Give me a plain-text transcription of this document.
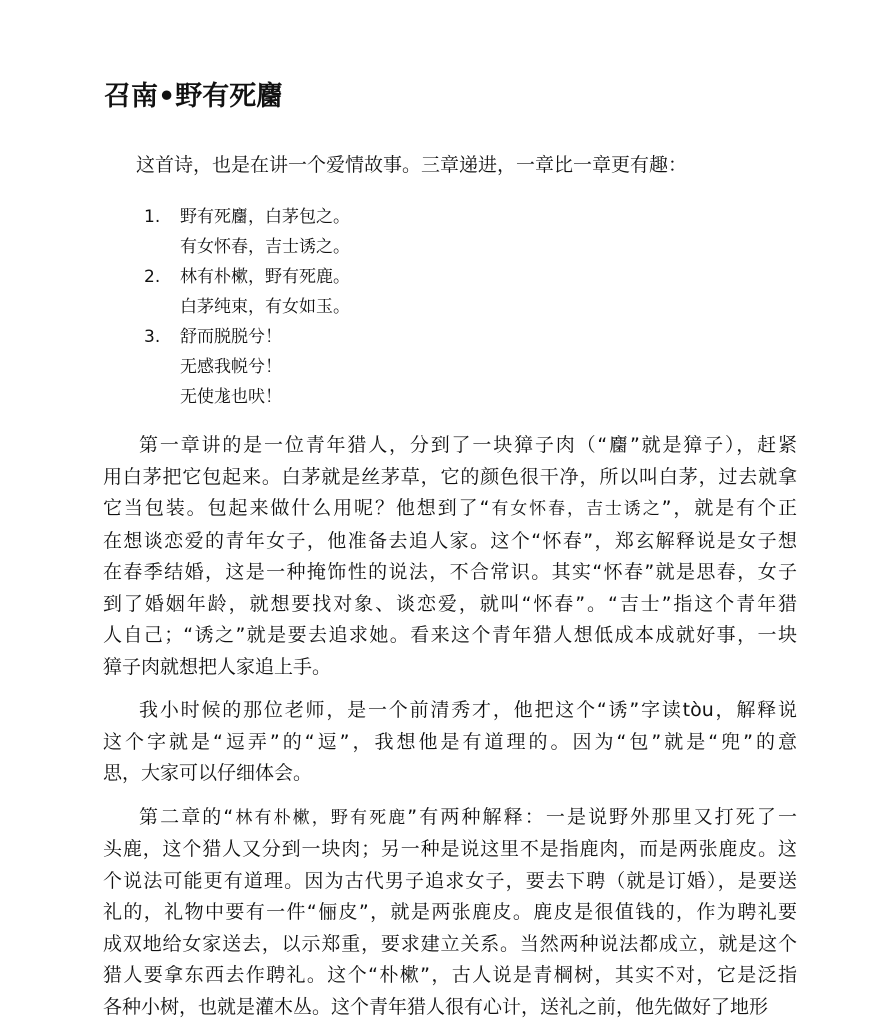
召南•野有死麕

这首诗，也是在讲一个爱情故事。三章递进，一章比一章更有趣：

1. 野有死麕，白茅包之。
有女怀春，吉士诱之。
2. 林有朴樕，野有死鹿。
白茅纯束，有女如玉。
3. 舒而脱脱兮！
无感我帨兮！
无使尨也吠！
第一章讲的是一位青年猎人，分到了一块獐子肉（“麕”就是獐子），赶紧
用白茅把它包起来。白茅就是丝茅草，它的颜色很干净，所以叫白茅，过去就拿
它当包装。包起来做什么用呢？他想到了“有女怀春，吉士诱之”，就是有个正
在想谈恋爱的青年女子，他准备去追人家。这个“怀春”，郑玄解释说是女子想
在春季结婚，这是一种掩饰性的说法，不合常识。其实“怀春”就是思春，女子
到了婚姻年龄，就想要找对象、谈恋爱，就叫“怀春”。“吉士”指这个青年猎
人自己；“诱之”就是要去追求她。看来这个青年猎人想低成本成就好事，一块
獐子肉就想把人家追上手。
我小时候的那位老师，是一个前清秀才，他把这个“诱”字读tòu，解释说
这个字就是“逗弄”的“逗”，我想他是有道理的。因为“包”就是“兜”的意
思，大家可以仔细体会。
第二章的“林有朴樕，野有死鹿”有两种解释：一是说野外那里又打死了一
头鹿，这个猎人又分到一块肉；另一种是说这里不是指鹿肉，而是两张鹿皮。这
个说法可能更有道理。因为古代男子追求女子，要去下聘（就是订婚），是要送
礼的，礼物中要有一件“俪皮”，就是两张鹿皮。鹿皮是很值钱的，作为聘礼要
成双地给女家送去，以示郑重，要求建立关系。当然两种说法都成立，就是这个
猎人要拿东西去作聘礼。这个“朴樕”，古人说是青棡树，其实不对，它是泛指
各种小树，也就是灌木丛。这个青年猎人很有心计，送礼之前，他先做好了地形
